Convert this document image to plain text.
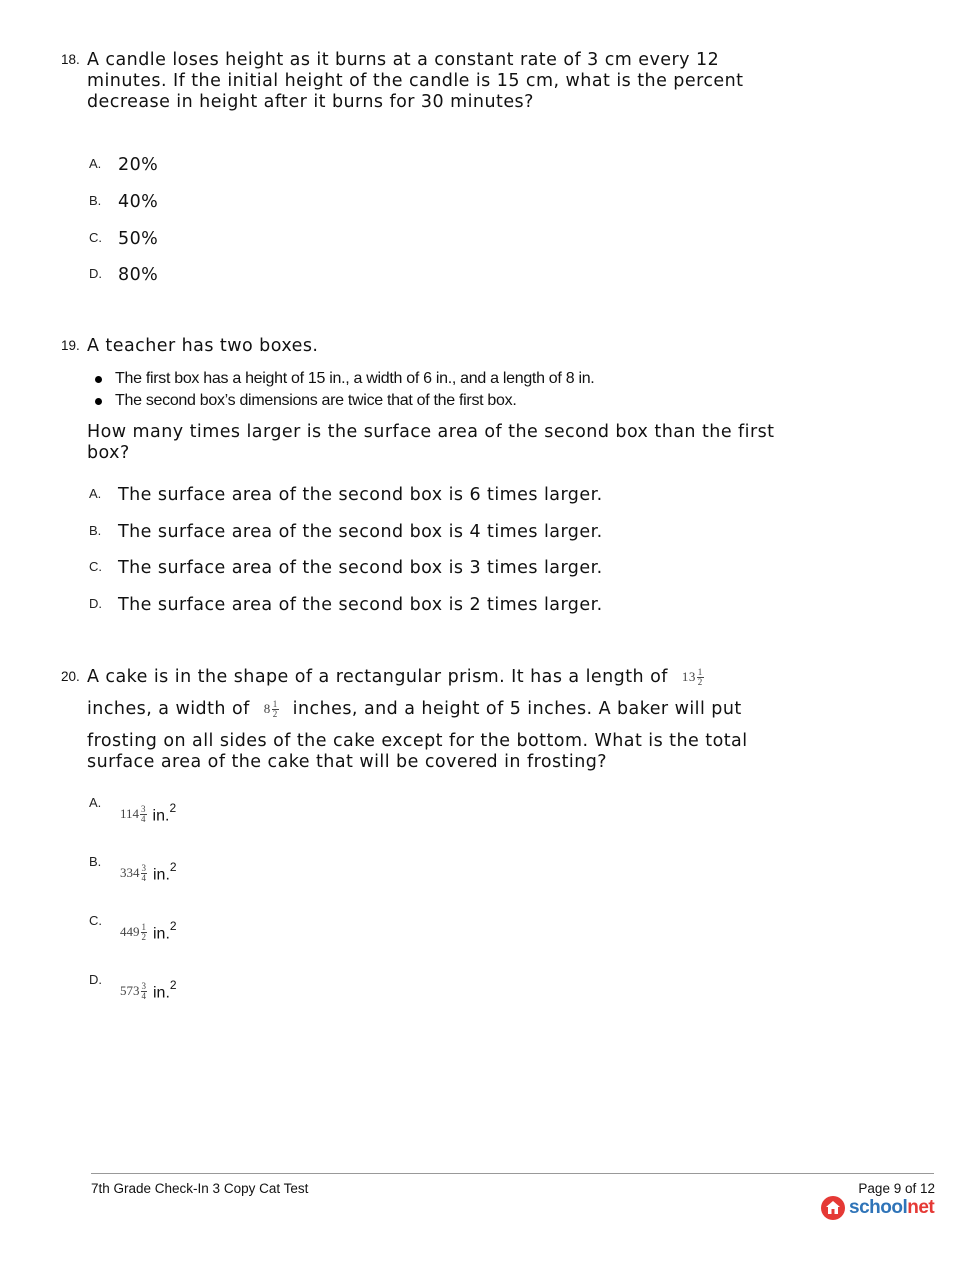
18. A candle loses height as it burns at a constant rate of 3 cm every 12 minutes. If the initial height of the candle is 15 cm, what is the percent decrease in height after it burns for 30 minutes?
A. 20%
B. 40%
C. 50%
D. 80%
19. A teacher has two boxes.
The first box has a height of 15 in., a width of 6 in., and a length of 8 in.
The second box’s dimensions are twice that of the first box.
How many times larger is the surface area of the second box than the first box?
A. The surface area of the second box is 6 times larger.
B. The surface area of the second box is 4 times larger.
C. The surface area of the second box is 3 times larger.
D. The surface area of the second box is 2 times larger.
20. A cake is in the shape of a rectangular prism. It has a length of $13 \frac{1}{2}$
inches, a width of $8 \frac{1}{2}$ inches, and a height of 5 inches. A baker will put
frosting on all sides of the cake except for the bottom. What is the total
surface area of the cake that will be covered in frosting?
A.
$114 \frac{3}{4} in.^2$
B.
$334 \frac{3}{4} in.^2$
C.
$449 \frac{1}{2} in.^2$
D.
$573 \frac{3}{4} in.^2$
7th Grade Check-In 3 Copy Cat Test	Page 9 of 12
schoolnet
